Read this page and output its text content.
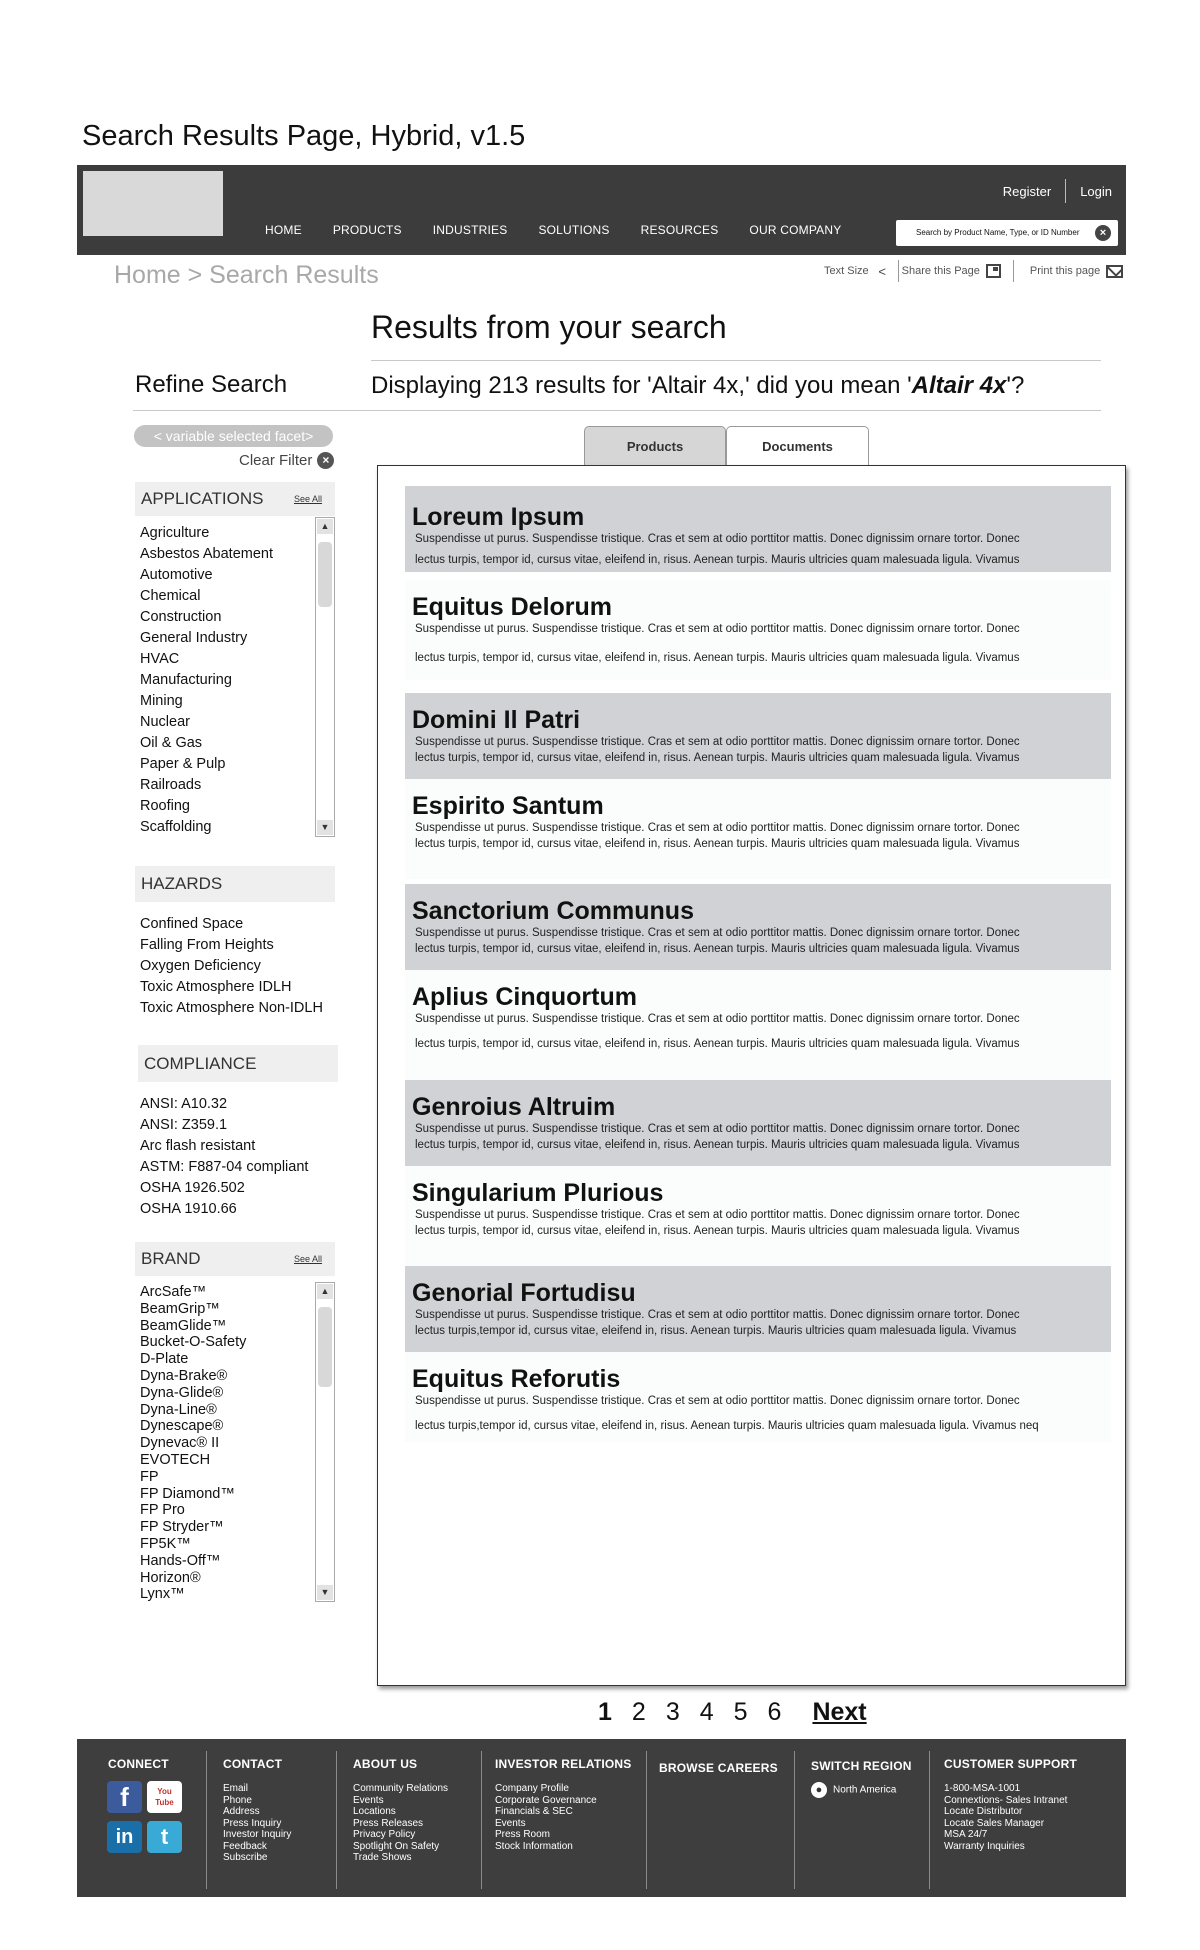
Search Results Page, Hybrid, v1.5
Register Login
HOME	PRODUCTS	INDUSTRIES	SOLUTIONS	RESOURCES	OUR COMPANY	Search by Product Name, Type, or ID Number	×
Home > Search Results	Text Size <	Share this Page	Print this page
Results from your search
Refine Search	Displaying 213 results for 'Altair 4x,' did you mean 'Altair 4x'?
< variable selected facet>
Clear Filter ×
APPLICATIONS	See All
Agriculture
Asbestos Abatement
Automotive
Chemical
Construction
General Industry
HVAC
Manufacturing
Mining
Nuclear
Oil & Gas
Paper & Pulp
Railroads
Roofing
Scaffolding
▲
▼
HAZARDS
Confined Space
Falling From Heights
Oxygen Deficiency
Toxic Atmosphere IDLH
Toxic Atmosphere Non-IDLH
COMPLIANCE
ANSI: A10.32
ANSI: Z359.1
Arc flash resistant
ASTM: F887-04 compliant
OSHA 1926.502
OSHA 1910.66
BRAND	See All
ArcSafe™
BeamGrip™
BeamGlide™
Bucket-O-Safety
D-Plate
Dyna-Brake®
Dyna-Glide®
Dyna-Line®
Dynescape®
Dynevac® II
EVOTECH
FP
FP Diamond™
FP Pro
FP Stryder™
FP5K™
Hands-Off™
Horizon®
Lynx™
▲
▼
Products	Documents
Loreum Ipsum
Suspendisse ut purus. Suspendisse tristique. Cras et sem at odio porttitor mattis. Donec dignissim ornare tortor. Donec
lectus turpis, tempor id, cursus vitae, eleifend in, risus. Aenean turpis. Mauris ultricies quam malesuada ligula. Vivamus
Equitus Delorum
Suspendisse ut purus. Suspendisse tristique. Cras et sem at odio porttitor mattis. Donec dignissim ornare tortor. Donec
lectus turpis, tempor id, cursus vitae, eleifend in, risus. Aenean turpis. Mauris ultricies quam malesuada ligula. Vivamus
Domini Il Patri
Suspendisse ut purus. Suspendisse tristique. Cras et sem at odio porttitor mattis. Donec dignissim ornare tortor. Donec
lectus turpis, tempor id, cursus vitae, eleifend in, risus. Aenean turpis. Mauris ultricies quam malesuada ligula. Vivamus
Espirito Santum
Suspendisse ut purus. Suspendisse tristique. Cras et sem at odio porttitor mattis. Donec dignissim ornare tortor. Donec
lectus turpis, tempor id, cursus vitae, eleifend in, risus. Aenean turpis. Mauris ultricies quam malesuada ligula. Vivamus
Sanctorium Communus
Suspendisse ut purus. Suspendisse tristique. Cras et sem at odio porttitor mattis. Donec dignissim ornare tortor. Donec
lectus turpis, tempor id, cursus vitae, eleifend in, risus. Aenean turpis. Mauris ultricies quam malesuada ligula. Vivamus
Aplius Cinquortum
Suspendisse ut purus. Suspendisse tristique. Cras et sem at odio porttitor mattis. Donec dignissim ornare tortor. Donec
lectus turpis, tempor id, cursus vitae, eleifend in, risus. Aenean turpis. Mauris ultricies quam malesuada ligula. Vivamus
Genroius Altruim
Suspendisse ut purus. Suspendisse tristique. Cras et sem at odio porttitor mattis. Donec dignissim ornare tortor. Donec
lectus turpis, tempor id, cursus vitae, eleifend in, risus. Aenean turpis. Mauris ultricies quam malesuada ligula. Vivamus
Singularium Plurious
Suspendisse ut purus. Suspendisse tristique. Cras et sem at odio porttitor mattis. Donec dignissim ornare tortor. Donec
lectus turpis, tempor id, cursus vitae, eleifend in, risus. Aenean turpis. Mauris ultricies quam malesuada ligula. Vivamus
Genorial Fortudisu
Suspendisse ut purus. Suspendisse tristique. Cras et sem at odio porttitor mattis. Donec dignissim ornare tortor. Donec
lectus turpis,tempor id, cursus vitae, eleifend in, risus. Aenean turpis. Mauris ultricies quam malesuada ligula. Vivamus
Equitus Reforutis
Suspendisse ut purus. Suspendisse tristique. Cras et sem at odio porttitor mattis. Donec dignissim ornare tortor. Donec
lectus turpis,tempor id, cursus vitae, eleifend in, risus. Aenean turpis. Mauris ultricies quam malesuada ligula. Vivamus neq
1 2 3 4 5 6 Next
CONNECT
f	You Tube
in	t
CONTACT
Email
Phone
Address
Press Inquiry
Investor Inquiry
Feedback
Subscribe
ABOUT US
Community Relations
Events
Locations
Press Releases
Privacy Policy
Spotlight On Safety
Trade Shows
INVESTOR RELATIONS
Company Profile
Corporate Governance
Financials & SEC
Events
Press Room
Stock Information
BROWSE CAREERS	SWITCH REGION
● North America
CUSTOMER SUPPORT
1-800-MSA-1001
Connextions- Sales Intranet
Locate Distributor
Locate Sales Manager
MSA 24/7
Warranty Inquiries
